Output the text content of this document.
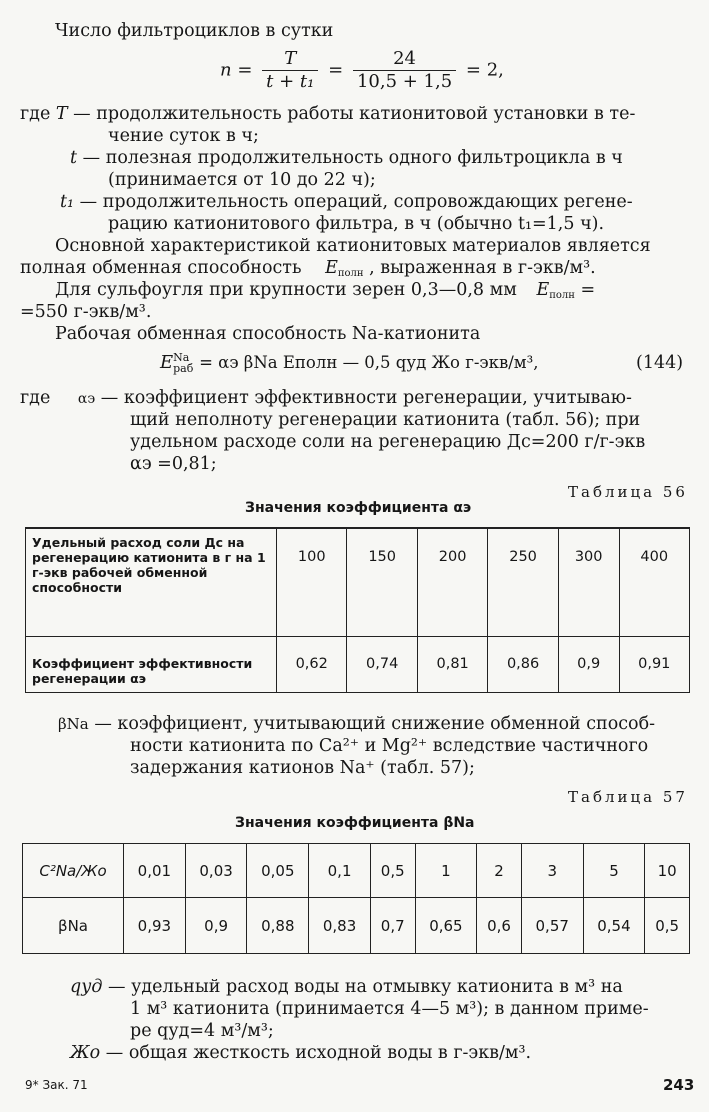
Число фильтроциклов в сутки
$n = \frac{T}{\text{t + t₁}} = \frac{24}{10,5 + 1,5} = 2$,
где T — продолжительность работы катионитовой установки в те-
чение суток в ч;
t — полезная продолжительность одного фильтроцикла в ч
(принимается от 10 до 22 ч);
t₁ — продолжительность операций, сопровождающих регене-
рацию катионитового фильтра, в ч (обычно t₁=1,5 ч).
Основной характеристикой катионитовых материалов является
полная обменная способность $E_{полн}$ , выраженная в г-экв/м³.
Для сульфоугля при крупности зерен 0,3—0,8 мм $E_{полн}$ =
=550 г-экв/м³.
Рабочая обменная способность Na-катионита
E Na
раб = αэ βNa Eполн — 0,5 qуд Жо г-экв/м³,	(144)
где αэ — коэффициент эффективности регенерации, учитываю-
щий неполноту регенерации катионита (табл. 56); при
удельном расходе соли на регенерацию Дс=200 г/г-экв
αэ =0,81;
Таблица 56
Значения коэффициента αэ
Удельный расход соли Дс на регенерацию катионита в г на 1 г-экв рабочей обменной способности	100	150	200	250	300	400
Коэффициент эффективности регенерации αэ	0,62	0,74	0,81	0,86	0,9	0,91
βNa — коэффициент, учитывающий снижение обменной способ-
ности катионита по Ca²⁺ и Mg²⁺ вследствие частичного
задержания катионов Na⁺ (табл. 57);
Таблица 57
Значения коэффициента βNa
C²Na/Жо	0,01	0,03	0,05	0,1	0,5	1	2	3	5	10
βNa	0,93	0,9	0,88	0,83	0,7	0,65	0,6	0,57	0,54	0,5
qуд — удельный расход воды на отмывку катионита в м³ на
1 м³ катионита (принимается 4—5 м³); в данном приме-
ре qуд=4 м³/м³;
Жо — общая жесткость исходной воды в г-экв/м³.
9* Зак. 71	243
